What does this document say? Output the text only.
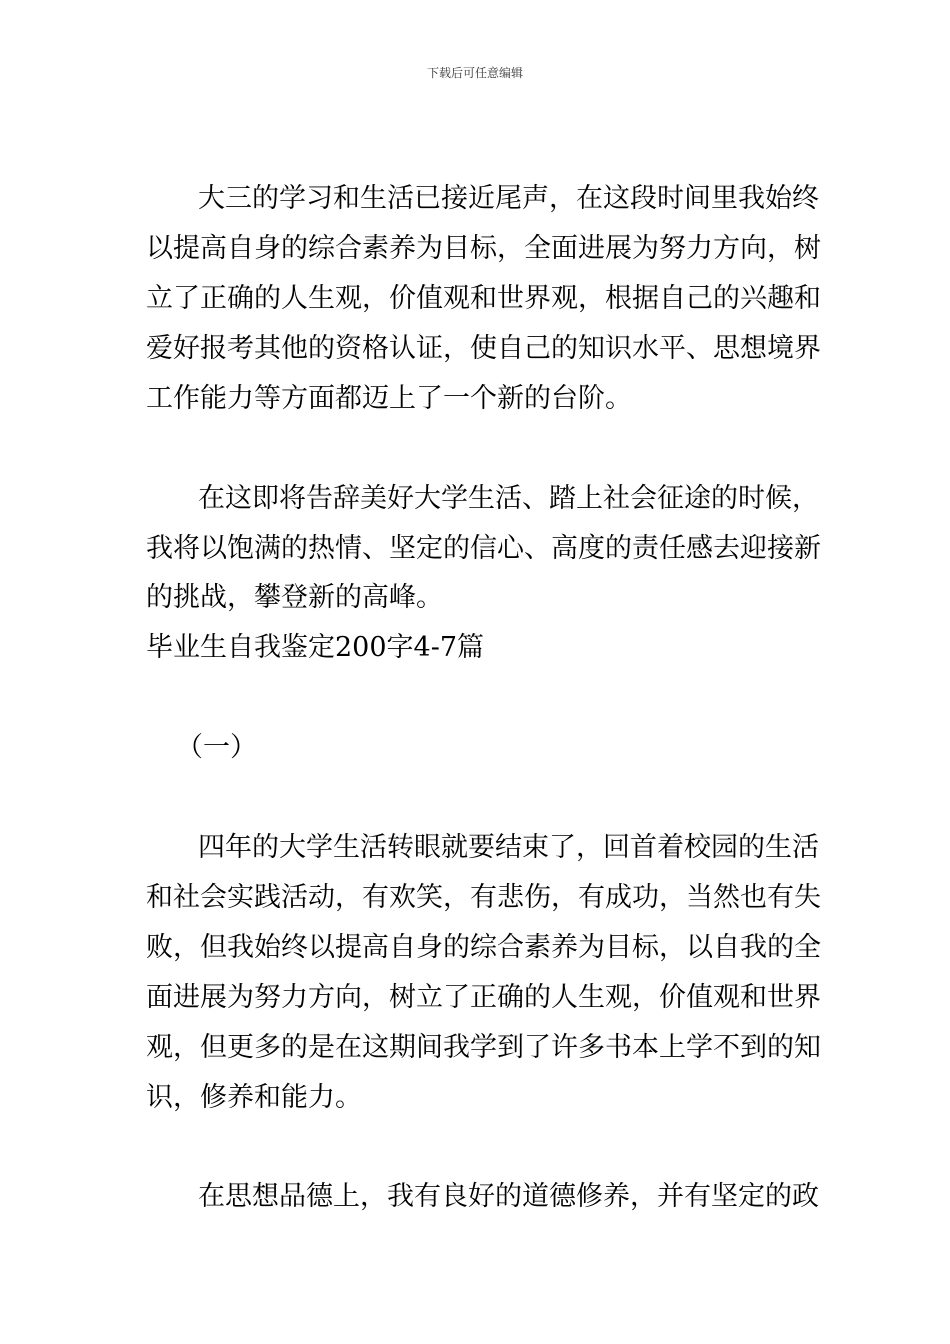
下载后可任意编辑
大三的学习和生活已接近尾声，在这段时间里我始终
以提高自身的综合素养为目标，全面进展为努力方向，树
立了正确的人生观，价值观和世界观，根据自己的兴趣和
爱好报考其他的资格认证，使自己的知识水平、思想境界
工作能力等方面都迈上了一个新的台阶。
在这即将告辞美好大学生活、踏上社会征途的时候，
我将以饱满的热情、坚定的信心、高度的责任感去迎接新
的挑战，攀登新的高峰。
毕业生自我鉴定200字4-7篇
（一）
四年的大学生活转眼就要结束了，回首着校园的生活
和社会实践活动，有欢笑，有悲伤，有成功，当然也有失
败，但我始终以提高自身的综合素养为目标，以自我的全
面进展为努力方向，树立了正确的人生观，价值观和世界
观，但更多的是在这期间我学到了许多书本上学不到的知
识，修养和能力。
在思想品德上，我有良好的道德修养，并有坚定的政
